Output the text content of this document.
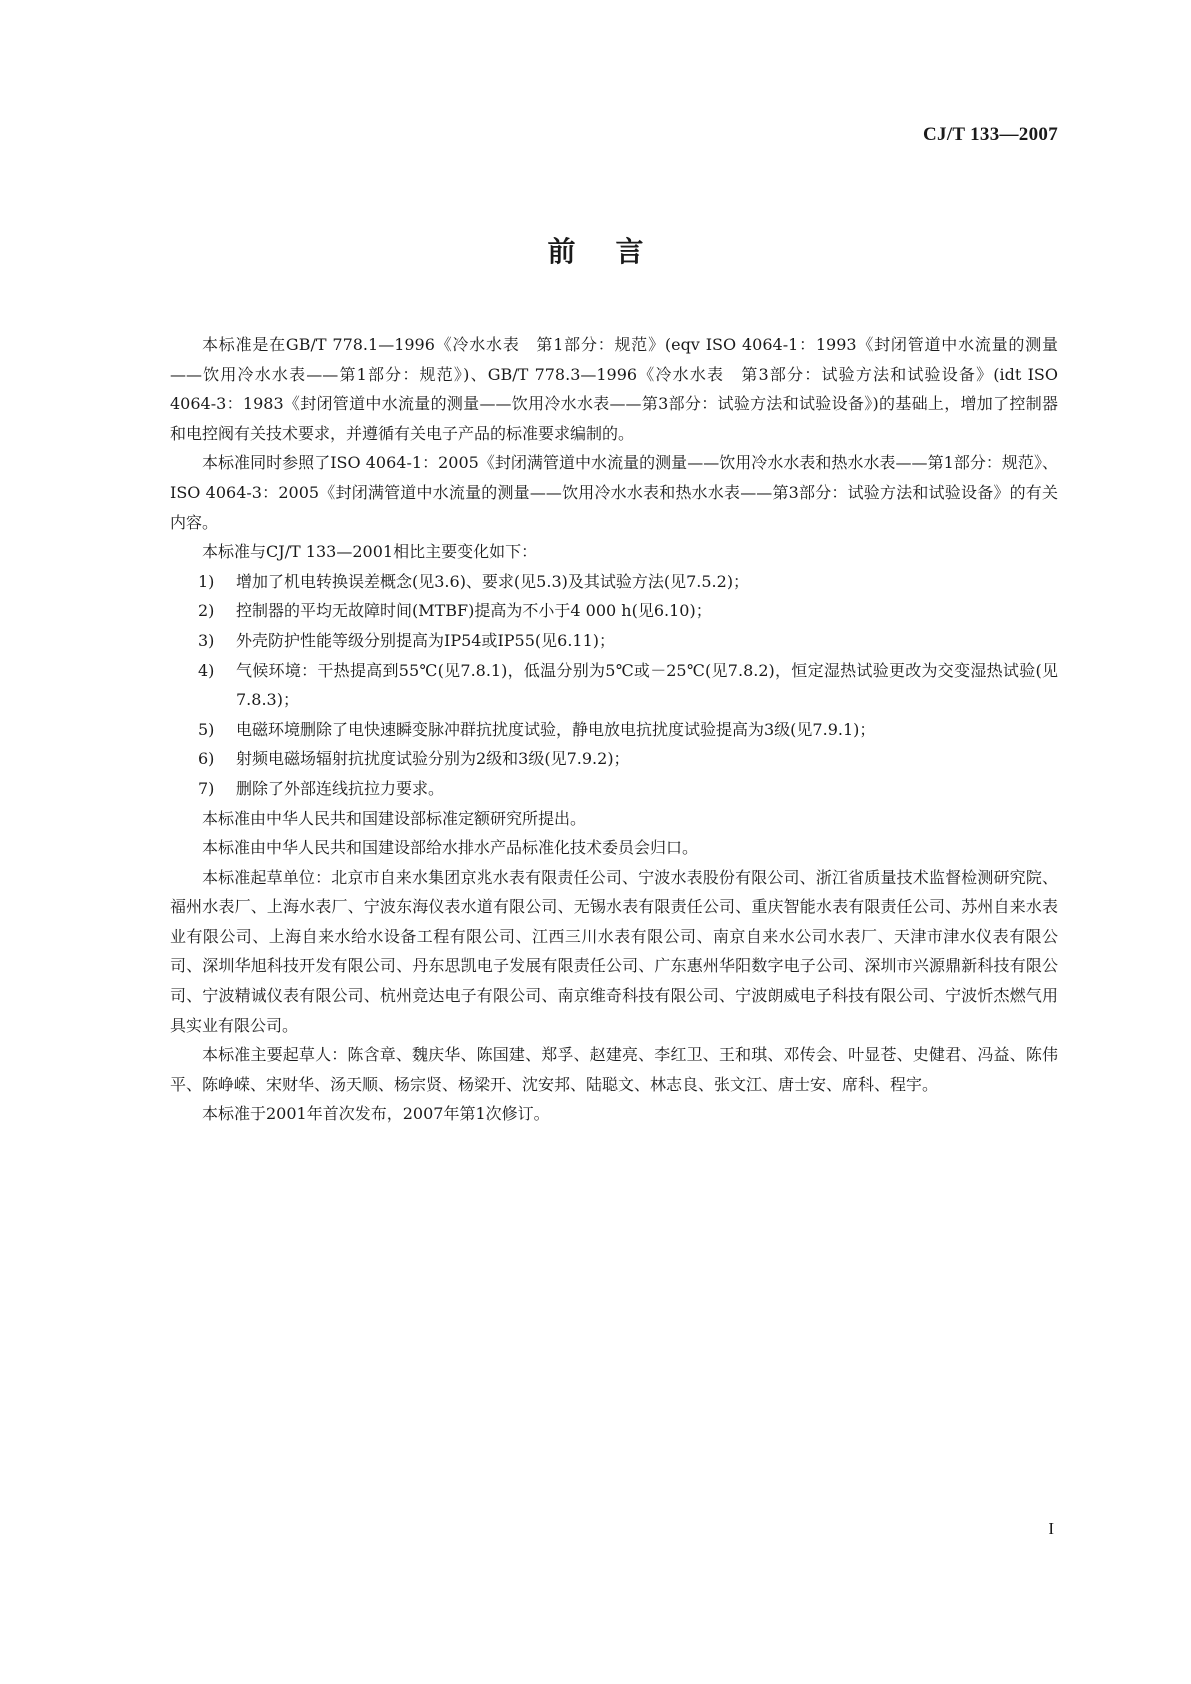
CJ/T 133—2007
前言

本标准是在GB/T 778.1—1996《冷水水表　第1部分：规范》(eqv ISO 4064-1：1993《封闭管道中水流量的测量——饮用冷水水表——第1部分：规范》)、GB/T 778.3—1996《冷水水表　第3部分：试验方法和试验设备》(idt ISO 4064-3：1983《封闭管道中水流量的测量——饮用冷水水表——第3部分：试验方法和试验设备》)的基础上，增加了控制器和电控阀有关技术要求，并遵循有关电子产品的标准要求编制的。

本标准同时参照了ISO 4064-1：2005《封闭满管道中水流量的测量——饮用冷水水表和热水水表——第1部分：规范》、ISO 4064-3：2005《封闭满管道中水流量的测量——饮用冷水水表和热水水表——第3部分：试验方法和试验设备》的有关内容。

本标准与CJ/T 133—2001相比主要变化如下：

1)	增加了机电转换误差概念(见3.6)、要求(见5.3)及其试验方法(见7.5.2)；
2)	控制器的平均无故障时间(MTBF)提高为不小于4 000 h(见6.10)；
3)	外壳防护性能等级分别提高为IP54或IP55(见6.11)；
4)	气候环境：干热提高到55℃(见7.8.1)，低温分别为5℃或－25℃(见7.8.2)，恒定湿热试验更改为交变湿热试验(见7.8.3)；
5)	电磁环境删除了电快速瞬变脉冲群抗扰度试验，静电放电抗扰度试验提高为3级(见7.9.1)；
6)	射频电磁场辐射抗扰度试验分别为2级和3级(见7.9.2)；
7)	删除了外部连线抗拉力要求。

本标准由中华人民共和国建设部标准定额研究所提出。

本标准由中华人民共和国建设部给水排水产品标准化技术委员会归口。

本标准起草单位：北京市自来水集团京兆水表有限责任公司、宁波水表股份有限公司、浙江省质量技术监督检测研究院、福州水表厂、上海水表厂、宁波东海仪表水道有限公司、无锡水表有限责任公司、重庆智能水表有限责任公司、苏州自来水表业有限公司、上海自来水给水设备工程有限公司、江西三川水表有限公司、南京自来水公司水表厂、天津市津水仪表有限公司、深圳华旭科技开发有限公司、丹东思凯电子发展有限责任公司、广东惠州华阳数字电子公司、深圳市兴源鼎新科技有限公司、宁波精诚仪表有限公司、杭州竞达电子有限公司、南京维奇科技有限公司、宁波朗威电子科技有限公司、宁波忻杰燃气用具实业有限公司。

本标准主要起草人：陈含章、魏庆华、陈国建、郑孚、赵建亮、李红卫、王和琪、邓传会、叶显苍、史健君、冯益、陈伟平、陈峥嵘、宋财华、汤天顺、杨宗贤、杨梁开、沈安邦、陆聪文、林志良、张文江、唐士安、席科、程宇。

本标准于2001年首次发布，2007年第1次修订。

I
